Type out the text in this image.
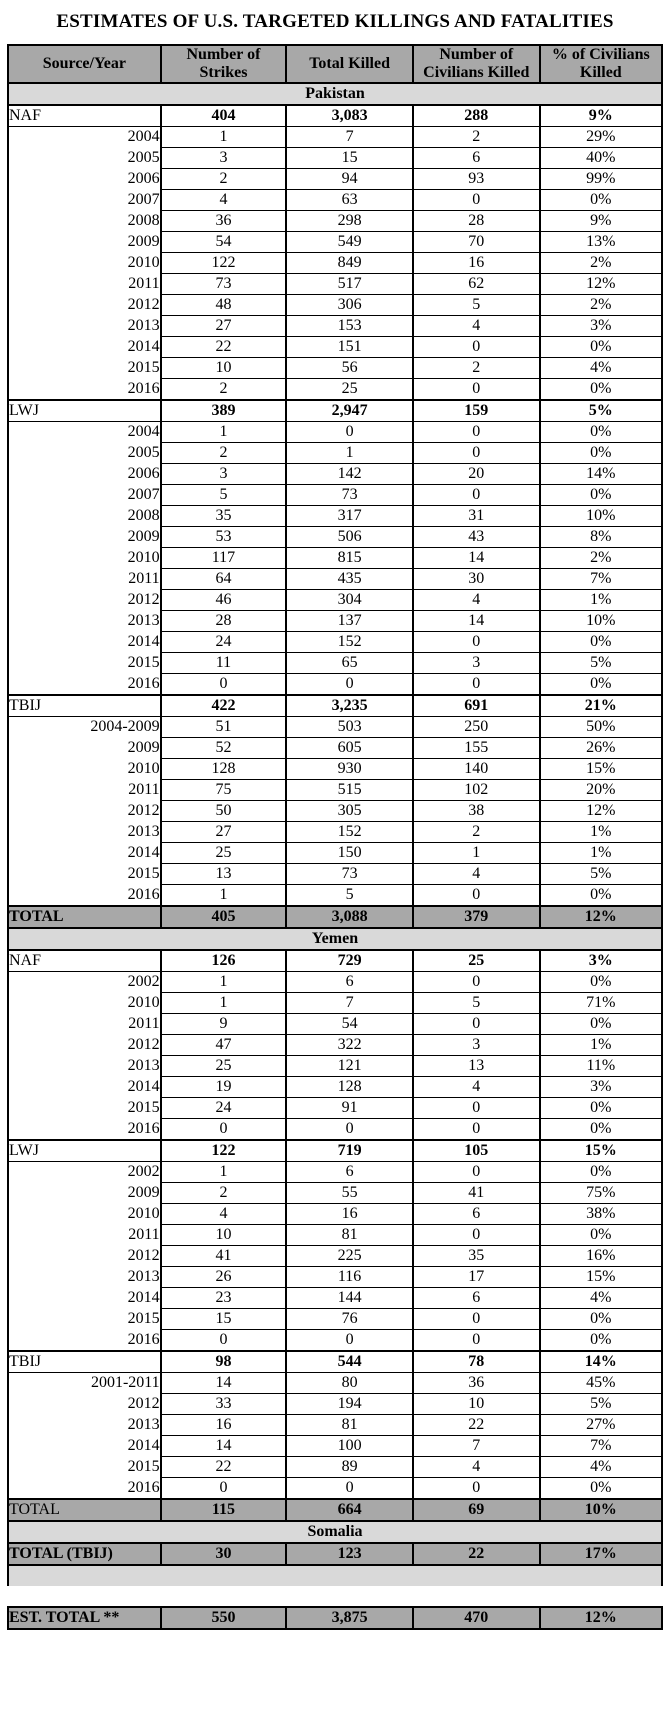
ESTIMATES OF U.S. TARGETED KILLINGS AND FATALITIES
Source/Year	Number of Strikes	Total Killed	Number of Civilians Killed	% of Civilians Killed
Pakistan				
NAF	404	3,083	288	9%
2004	1	7	2	29%
2005	3	15	6	40%
2006	2	94	93	99%
2007	4	63	0	0%
2008	36	298	28	9%
2009	54	549	70	13%
2010	122	849	16	2%
2011	73	517	62	12%
2012	48	306	5	2%
2013	27	153	4	3%
2014	22	151	0	0%
2015	10	56	2	4%
2016	2	25	0	0%
LWJ	389	2,947	159	5%
2004	1	0	0	0%
2005	2	1	0	0%
2006	3	142	20	14%
2007	5	73	0	0%
2008	35	317	31	10%
2009	53	506	43	8%
2010	117	815	14	2%
2011	64	435	30	7%
2012	46	304	4	1%
2013	28	137	14	10%
2014	24	152	0	0%
2015	11	65	3	5%
2016	0	0	0	0%
TBIJ	422	3,235	691	21%
2004-2009	51	503	250	50%
2009	52	605	155	26%
2010	128	930	140	15%
2011	75	515	102	20%
2012	50	305	38	12%
2013	27	152	2	1%
2014	25	150	1	1%
2015	13	73	4	5%
2016	1	5	0	0%
TOTAL	405	3,088	379	12%
Yemen				
NAF	126	729	25	3%
2002	1	6	0	0%
2010	1	7	5	71%
2011	9	54	0	0%
2012	47	322	3	1%
2013	25	121	13	11%
2014	19	128	4	3%
2015	24	91	0	0%
2016	0	0	0	0%
LWJ	122	719	105	15%
2002	1	6	0	0%
2009	2	55	41	75%
2010	4	16	6	38%
2011	10	81	0	0%
2012	41	225	35	16%
2013	26	116	17	15%
2014	23	144	6	4%
2015	15	76	0	0%
2016	0	0	0	0%
TBIJ	98	544	78	14%
2001-2011	14	80	36	45%
2012	33	194	10	5%
2013	16	81	22	27%
2014	14	100	7	7%
2015	22	89	4	4%
2016	0	0	0	0%
TOTAL	115	664	69	10%
Somalia				
TOTAL (TBIJ)	30	123	22	17%

EST. TOTAL **	550	3,875	470	12%
